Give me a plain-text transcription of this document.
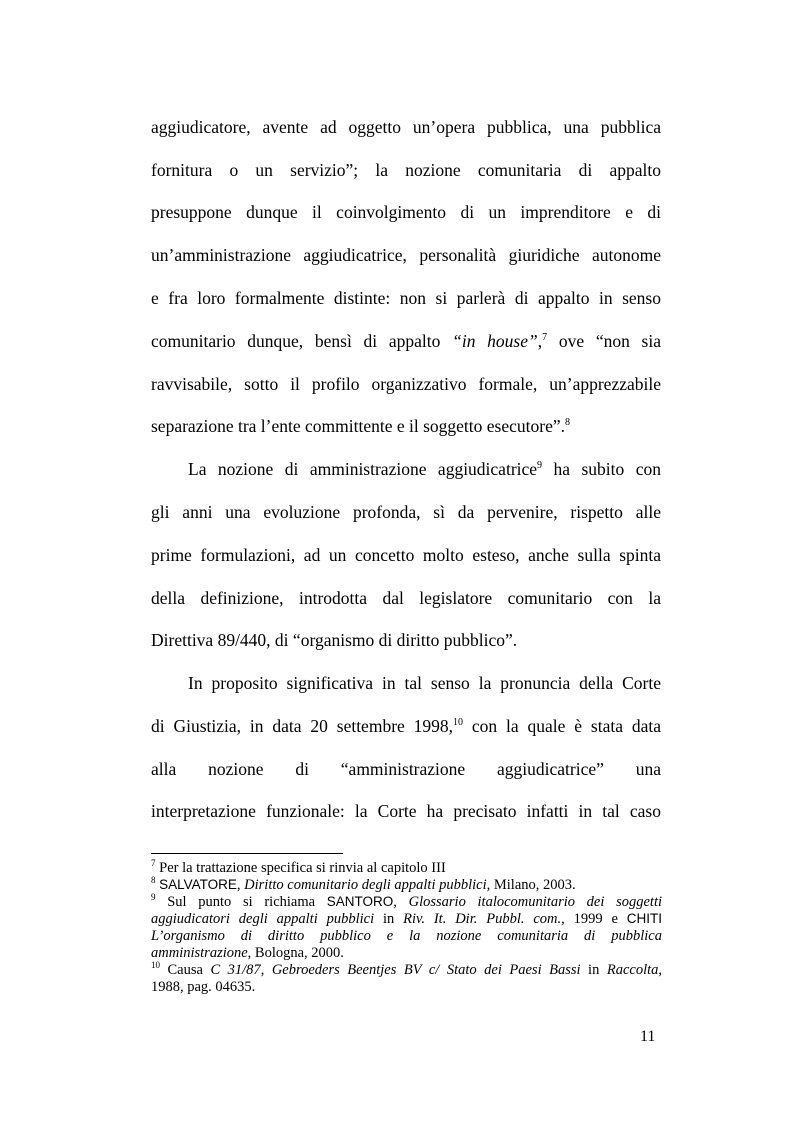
aggiudicatore, avente ad oggetto un’opera pubblica, una pubblica
fornitura o un servizio”; la nozione comunitaria di appalto
presuppone dunque il coinvolgimento di un imprenditore e di
un’amministrazione aggiudicatrice, personalità giuridiche autonome
e fra loro formalmente distinte: non si parlerà di appalto in senso
comunitario dunque, bensì di appalto “in house”,$^7$ ove “non sia
ravvisabile, sotto il profilo organizzativo formale, un’apprezzabile
separazione tra l’ente committente e il soggetto esecutore”.$^8$
La nozione di amministrazione aggiudicatrice$^9$ ha subito con
gli anni una evoluzione profonda, sì da pervenire, rispetto alle
prime formulazioni, ad un concetto molto esteso, anche sulla spinta
della definizione, introdotta dal legislatore comunitario con la
Direttiva 89/440, di “organismo di diritto pubblico”.
In proposito significativa in tal senso la pronuncia della Corte
di Giustizia, in data 20 settembre 1998,10 con la quale è stata data
alla nozione di “amministrazione aggiudicatrice” una
interpretazione funzionale: la Corte ha precisato infatti in tal caso
$^7$ Per la trattazione specifica si rinvia al capitolo III
$^8$ SALVATORE, Diritto comunitario degli appalti pubblici, Milano, 2003.
$^9$ Sul punto si richiama SANTORO, Glossario italocomunitario dei soggetti
aggiudicatori degli appalti pubblici in Riv. It. Dir. Pubbl. com., 1999 e CHITI
L’organismo di diritto pubblico e la nozione comunitaria di pubblica
amministrazione, Bologna, 2000.
$^{10}$ Causa C 31/87, Gebroeders Beentjes BV c/ Stato dei Paesi Bassi in Raccolta,
1988, pag. 04635.
11
